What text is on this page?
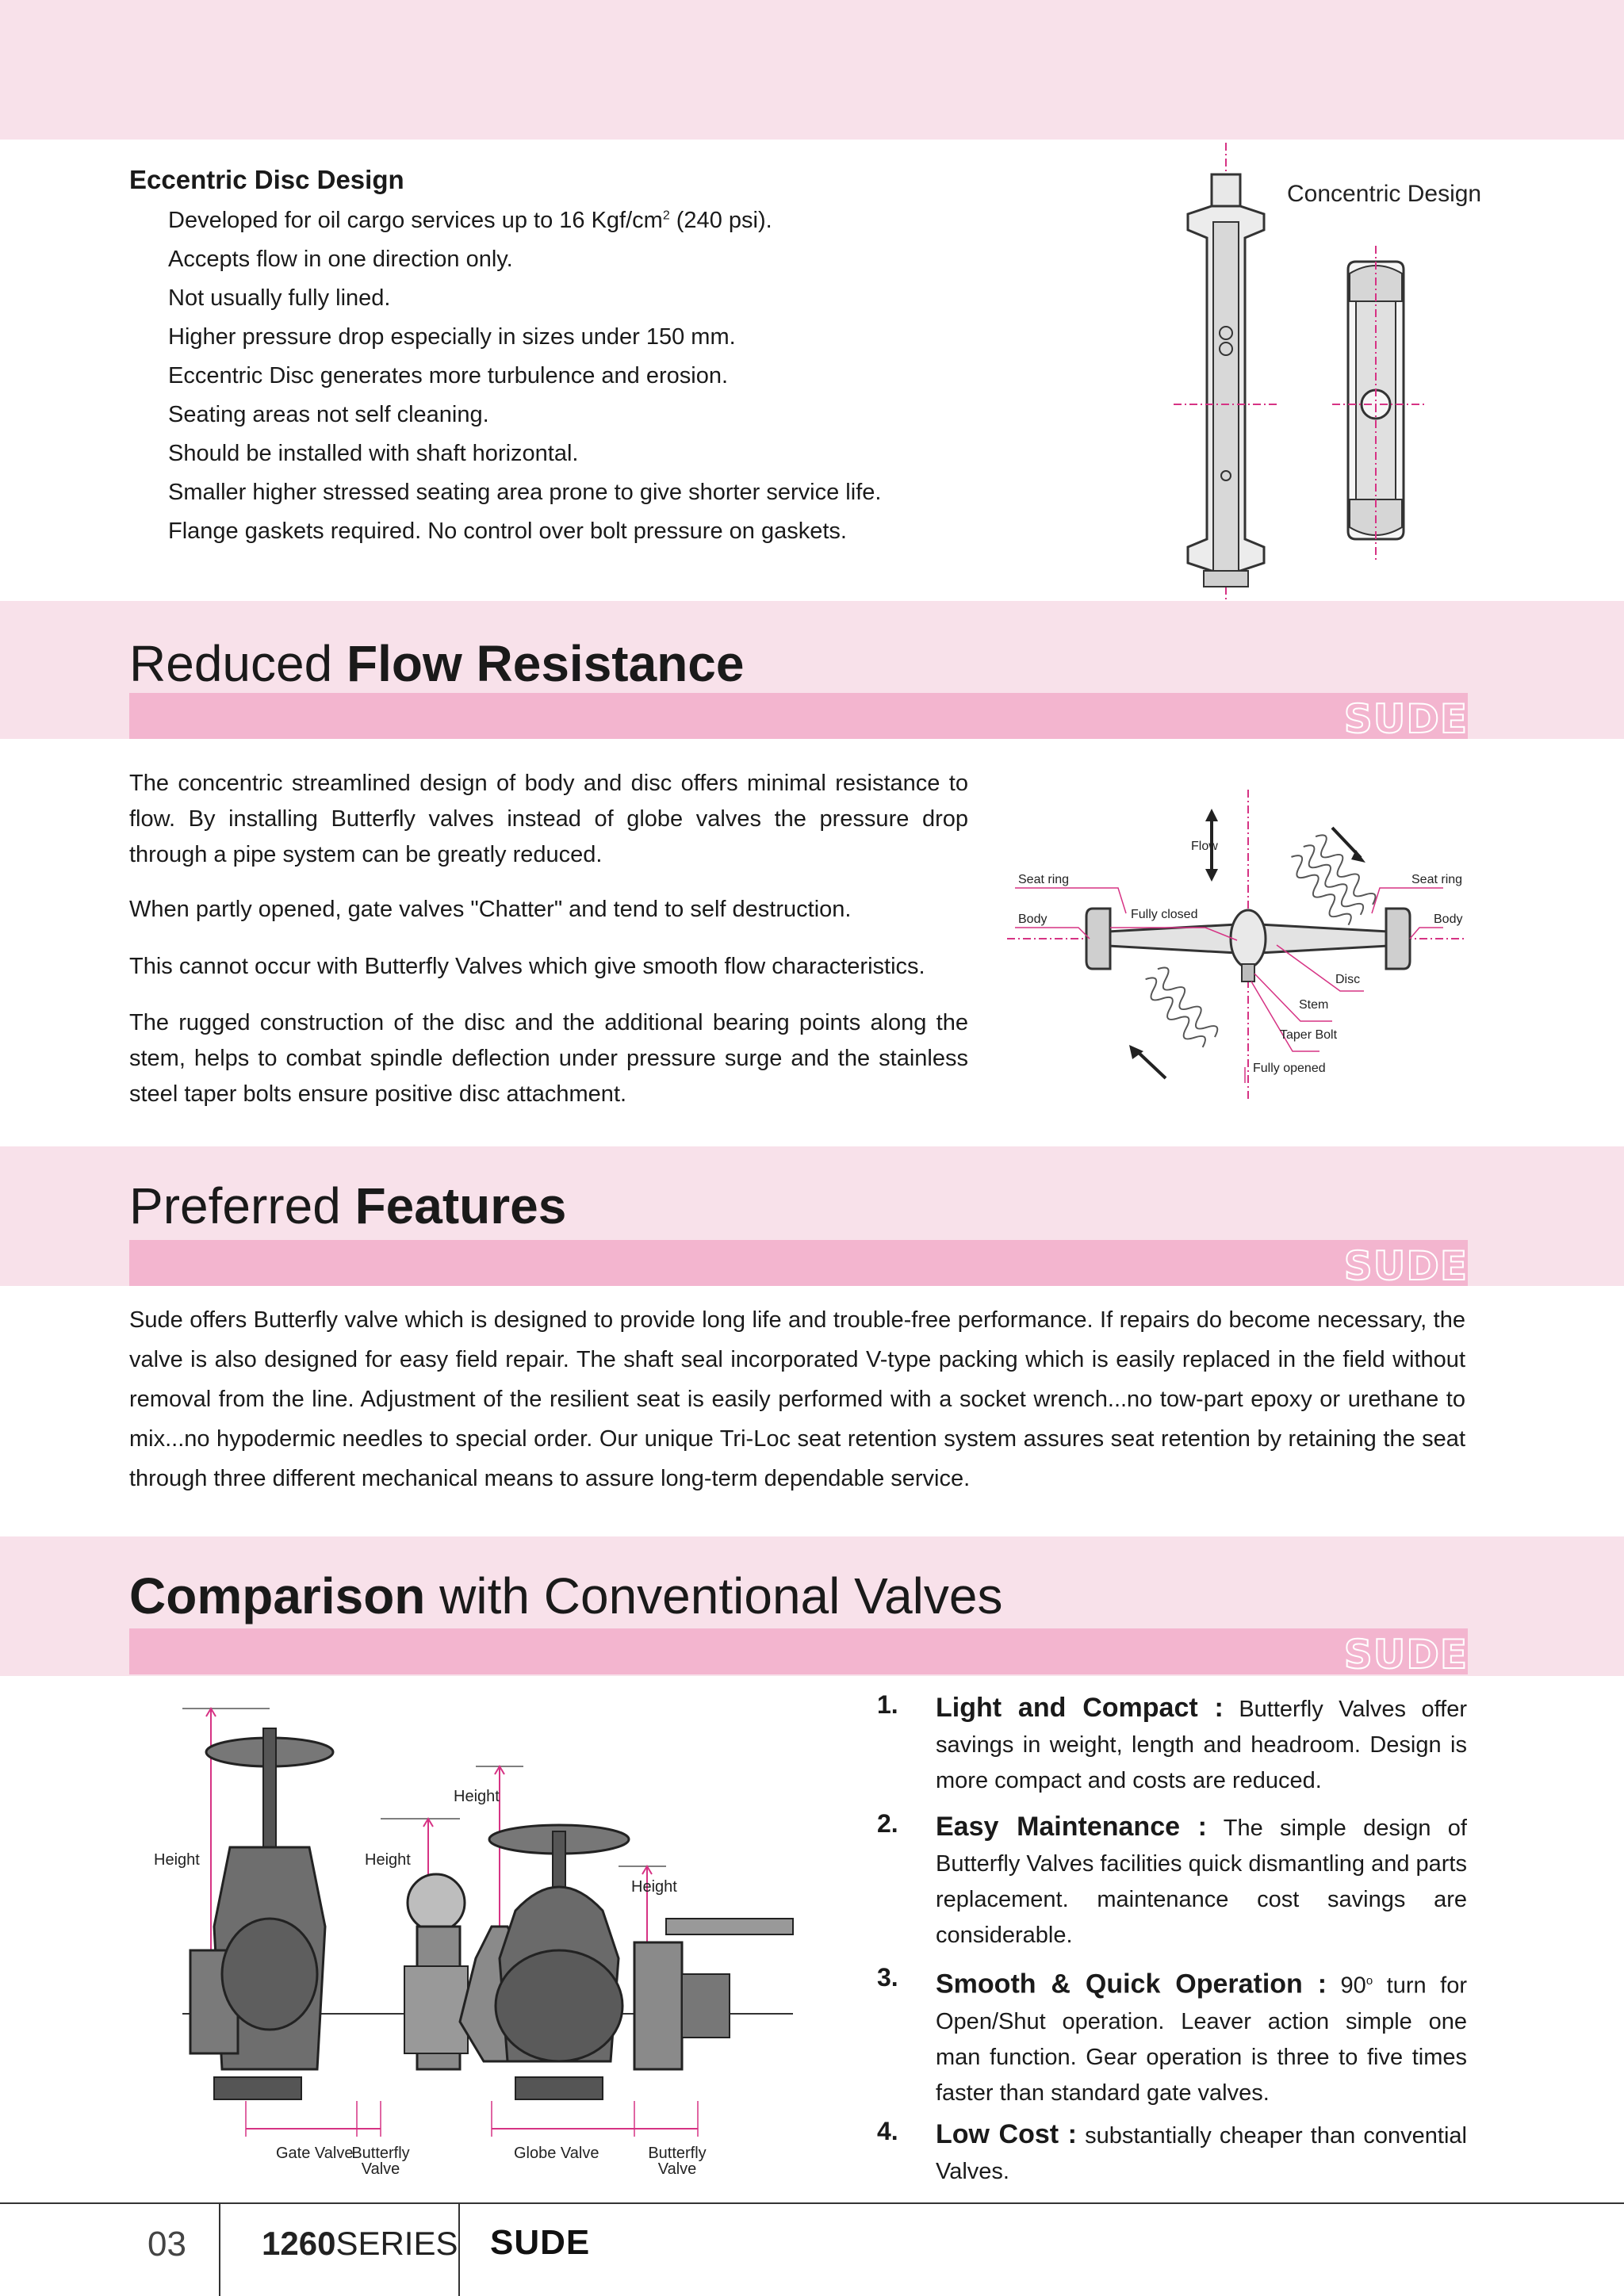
Eccentric Disc Design
Developed for oil cargo services up to 16 Kgf/$cm^2$ (240 psi).
Accepts flow in one direction only.
Not usually fully lined.
Higher pressure drop especially in sizes under 150 mm.
Eccentric Disc generates more turbulence and erosion.
Seating areas not self cleaning.
Should be installed with shaft horizontal.
Smaller higher stressed seating area prone to give shorter service life.
Flange gaskets required. No control over bolt pressure on gaskets.
Concentric Design
SUDE
Reduced Flow Resistance
The concentric streamlined design of body and disc offers minimal resistance to flow. By installing Butterfly valves instead of globe valves the pressure drop through a pipe system can be greatly reduced.
When partly opened, gate valves "Chatter" and tend to self destruction.
This cannot occur with Butterfly Valves which give smooth flow characteristics.
The rugged construction of the disc and the additional bearing points along the stem, helps to combat spindle deflection under pressure surge and the stainless steel taper bolts ensure positive disc attachment.
Flow
Seat ring	Seat ring
Body	Body
Fully closed
Disc
Stem
Taper Bolt
Fully opened
SUDE
Preferred Features
Sude offers Butterfly valve which is designed to provide long life and trouble-free performance. If repairs do become necessary, the valve is also designed for easy field repair. The shaft seal incorporated V-type packing which is easily replaced in the field without removal from the line. Adjustment of the resilient seat is easily performed with a socket wrench...no tow-part epoxy or urethane to mix...no hypodermic needles to special order. Our unique Tri-Loc seat retention system assures seat retention by retaining the seat through three different mechanical means to assure long-term dependable service.
SUDE
Comparison with Conventional Valves
Height	Height
Height
Height
Gate Valve
Butterfly
Valve
Globe Valve	Butterfly
Valve
1. Light and Compact : Butterfly Valves offer savings in weight, length and headroom. Design is more compact and costs are reduced.
2. Easy Maintenance : The simple design of Butterfly Valves facilities quick dismantling and parts replacement. maintenance cost savings are considerable.
3. Smooth & Quick Operation : 90$^o$ turn for Open/Shut operation. Leaver action simple one man function. Gear operation is three to five times faster than standard gate valves.
4. Low Cost : substantially cheaper than convential Valves.
03 1260SERIES SUDE
